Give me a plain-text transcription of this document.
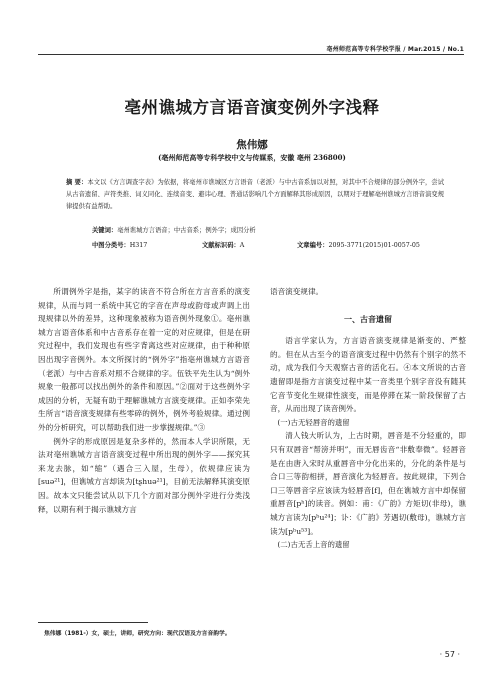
亳州师范高等专科学校学报 / Mar.2015 / No.1
亳州谯城方言语音演变例外字浅释
焦伟娜
(亳州师范高等专科学校中文与传媒系，安徽 亳州 236800)
摘 要：本文以《方言调查字表》为依据，将亳州市谯城区方言语音（老派）与中古音系加以对照，对其中不合规律的部分例外字，尝试从古音遗留、声符类推、词义同化、连续音变、避讳心理、普通话影响几个方面解释其形成原因，以期对于理解亳州谯城方言语音演变规律提供有益帮助。
关键词：亳州谯城方言语音；中古音系；例外字；成因分析
中图分类号：H317	文献标识码：A	文章编号：2095-3771(2015)01-0057-05

所谓例外字是指，某字的读音不符合所在方言音系的演变规律，从而与同一系统中其它的字音在声母或韵母或声调上出现规律以外的差异，这种现象被称为语音例外现象①。亳州谯城方言语音体系和中古音系存在着一定的对应规律，但是在研究过程中，我们发现也有些字背离这些对应规律，由于种种原因出现字音例外。本文所探讨的“例外字”指亳州谯城方言语音（老派）与中古音系对照不合规律的字。伍铁平先生认为“例外规象一般都可以找出例外的条件和原因。”②面对于这些例外字成因的分析，无疑有助于理解谯城方言演变规律。正如李荣先生所言“语音演变规律有些零碎的例外，例外考验规律。通过例外的分析研究，可以帮助我们进一步掌握规律。”③

例外字的形成原因是复杂多样的，然而本人学识所限，无法对亳州谯城方言语音演变过程中所出现的例外字——探究其来龙去脉，如“缩”（遇合三入屋，生母），依规律应读为[suə²¹]，但谯城方言却读为[tʂhuə²¹]，目前无法解释其演变原因。故本文只能尝试从以下几个方面对部分例外字进行分类浅释，以期有利于揭示谯城方言

语音演变规律。

一、古音遗留

语言学家认为，方言语音演变规律是渐变的、严整的。但在从古至今的语音演变过程中仍然有个别字的然不动，成为我们今天观察古音的活化石。④本文所说的古音遗留即是指方言演变过程中某一音类里个别字音没有随其它音节变化生规律性演变，而是停滞在某一阶段保留了古音，从而出现了读音例外。

(一)古无轻唇音的遗留

清人钱大昕认为，上古时期，唇音是不分轻重的，即只有双唇音“帮滂并明”，而无唇齿音“非敷奉微”。轻唇音是在由唐入宋时从重唇音中分化出来的，分化的条件是与合口三等韵相拼，唇音演化为轻唇音。按此规律，下列合口三等唇音字应该读为轻唇音[f]，但在谯城方言中却保留重唇音[pʰ]的读音。例如：甫：《广韵》方矩切(非母)，谯城方言读为[pʰu²⁴]；讣：《广韵》芳遇切(敷母)，谯城方言读为[pʰu⁵³]。

(二)古无舌上音的遗留

焦伟娜（1981-）女，硕士，讲师，研究方向：现代汉语及方言音韵学。
· 57 ·
